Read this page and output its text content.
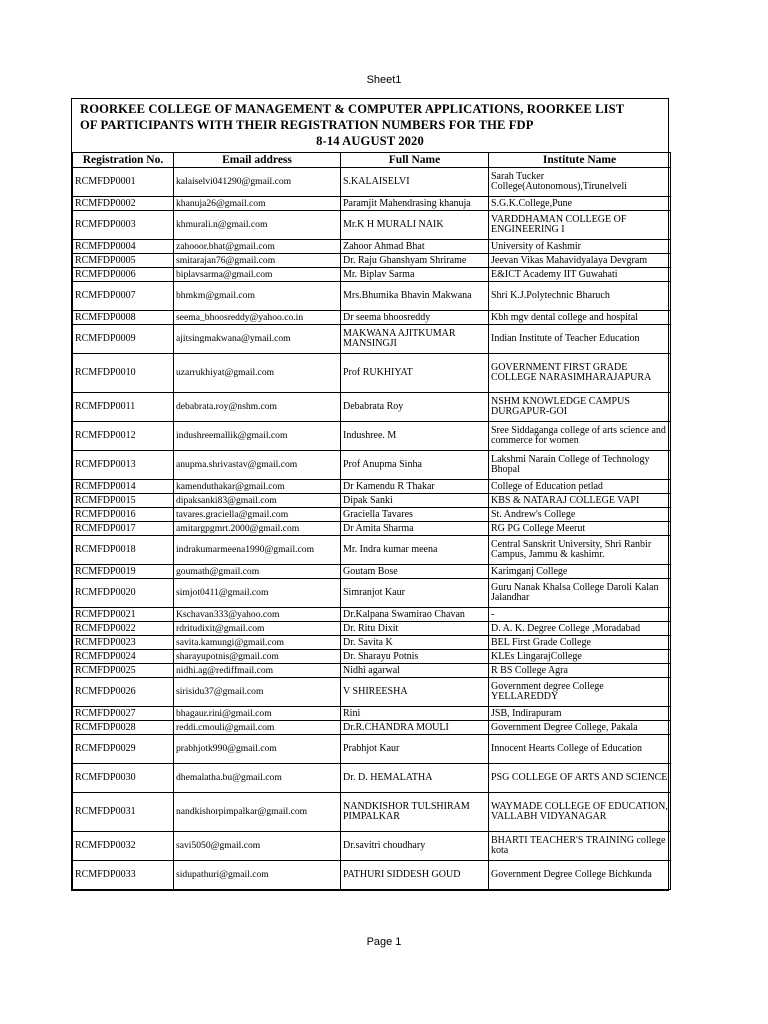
Sheet1
ROORKEE COLLEGE OF MANAGEMENT & COMPUTER APPLICATIONS, ROORKEE LIST
OF PARTICIPANTS WITH THEIR REGISTRATION NUMBERS FOR THE FDP
8-14 AUGUST 2020
Registration No.	Email address	Full Name	Institute Name
RCMFDP0001	kalaiselvi041290@gmail.com	S.KALAISELVI	Sarah Tucker College(Autonomous),Tirunelveli
RCMFDP0002	khanuja26@gmail.com	Paramjit Mahendrasing khanuja	S.G.K.College,Pune
RCMFDP0003	khmurali.n@gmail.com	Mr.K H MURALI NAIK	VARDDHAMAN COLLEGE OF ENGINEERING I
RCMFDP0004	zahooor.bhat@gmail.com	Zahoor Ahmad Bhat	University of Kashmir
RCMFDP0005	smitarajan76@gmail.com	Dr. Raju Ghanshyam Shrirame	Jeevan Vikas Mahavidyalaya Devgram
RCMFDP0006	biplavsarma@gmail.com	Mr. Biplav Sarma	E&ICT Academy IIT Guwahati
RCMFDP0007	bhmkm@gmail.com	Mrs.Bhumika Bhavin Makwana	Shri K.J.Polytechnic Bharuch
RCMFDP0008	seema_bhoosreddy@yahoo.co.in	Dr seema bhoosreddy	Kbh mgv dental college and hospital
RCMFDP0009	ajitsingmakwana@ymail.com	MAKWANA AJITKUMAR MANSINGJI	Indian Institute of Teacher Education
RCMFDP0010	uzarrukhiyat@gmail.com	Prof RUKHIYAT	GOVERNMENT FIRST GRADE COLLEGE NARASIMHARAJAPURA
RCMFDP0011	debabrata.roy@nshm.com	Debabrata Roy	NSHM KNOWLEDGE CAMPUS DURGAPUR-GOI
RCMFDP0012	indushreemallik@gmail.com	Indushree. M	Sree Siddaganga college of arts science and commerce for women
RCMFDP0013	anupma.shrivastav@gmail.com	Prof Anupma Sinha	Lakshmi Narain College of Technology Bhopal
RCMFDP0014	kamenduthakar@gmail.com	Dr Kamendu R Thakar	College of Education petlad
RCMFDP0015	dipaksanki83@gmail.com	Dipak Sanki	KBS & NATARAJ COLLEGE VAPI
RCMFDP0016	tavares.graciella@gmail.com	Graciella Tavares	St. Andrew's College
RCMFDP0017	amitargpgmrt.2000@gmail.com	Dr Amita Sharma	RG PG College Meerut
RCMFDP0018	indrakumarmeena1990@gmail.com	Mr. Indra kumar meena	Central Sanskrit University, Shri Ranbir Campus, Jammu & kashimr.
RCMFDP0019	goumath@gmail.com	Goutam Bose	Karimganj College
RCMFDP0020	simjot0411@gmail.com	Simranjot Kaur	Guru Nanak Khalsa College Daroli Kalan Jalandhar
RCMFDP0021	Kschavan333@yahoo.com	Dr.Kalpana Swamirao Chavan	-
RCMFDP0022	rdritudixit@gmail.com	Dr. Ritu Dixit	D. A. K. Degree College ,Moradabad
RCMFDP0023	savita.kamungi@gmail.com	Dr. Savita K	BEL First Grade College
RCMFDP0024	sharayupotnis@gmail.com	Dr. Sharayu Potnis	KLEs LingarajCollege
RCMFDP0025	nidhi.ag@rediffmail.com	Nidhi agarwal	R BS College Agra
RCMFDP0026	sirisidu37@gmail.com	V SHIREESHA	Government degree College YELLAREDDY
RCMFDP0027	bhagaur.rini@gmail.com	Rini	JSB, Indirapuram
RCMFDP0028	reddi.cmouli@gmail.com	Dr.R.CHANDRA MOULI	Government Degree College, Pakala
RCMFDP0029	prabhjotk990@gmail.com	Prabhjot Kaur	Innocent Hearts College of Education
RCMFDP0030	dhemalatha.bu@gmail.com	Dr. D. HEMALATHA	PSG COLLEGE OF ARTS AND SCIENCE
RCMFDP0031	nandkishorpimpalkar@gmail.com	NANDKISHOR TULSHIRAM PIMPALKAR	WAYMADE COLLEGE OF EDUCATION, VALLABH VIDYANAGAR
RCMFDP0032	savi5050@gmail.com	Dr.savitri choudhary	BHARTI TEACHER'S TRAINING college kota
RCMFDP0033	sidupathuri@gmail.com	PATHURI SIDDESH GOUD	Government Degree College Bichkunda
Page 1
